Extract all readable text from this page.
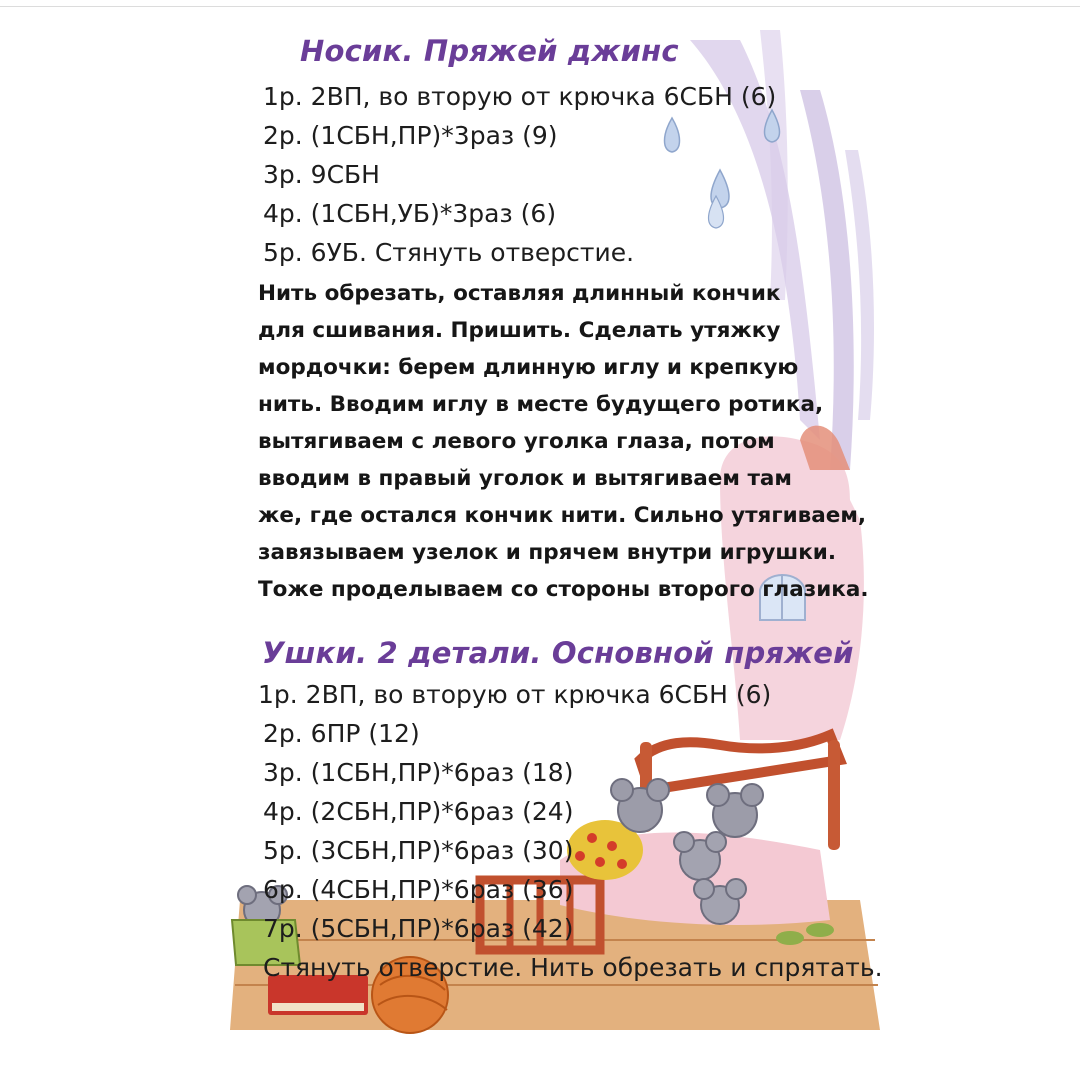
Носик. Пряжей джинс
1р. 2ВП, во вторую от крючка 6СБН (6)
2р. (1СБН,ПР)*3раз (9)
3р. 9СБН
4р. (1СБН,УБ)*3раз (6)
5р. 6УБ. Стянуть отверстие.
Нить обрезать, оставляя длинный кончик
для сшивания. Пришить. Сделать утяжку
мордочки: берем длинную иглу и крепкую
нить. Вводим иглу в месте будущего ротика,
вытягиваем с левого уголка глаза, потом
вводим в правый уголок и вытягиваем там
же, где остался кончик нити. Сильно утягиваем,
завязываем узелок и прячем внутри игрушки.
Тоже проделываем со стороны второго глазика.
Ушки. 2 детали. Основной пряжей
1р. 2ВП, во вторую от крючка 6СБН (6)
2р. 6ПР (12)
3р. (1СБН,ПР)*6раз (18)
4р. (2СБН,ПР)*6раз (24)
5р. (3СБН,ПР)*6раз (30)
6р. (4СБН,ПР)*6раз (36)
7р. (5СБН,ПР)*6раз (42)
Стянуть отверстие. Нить обрезать и спрятать.
